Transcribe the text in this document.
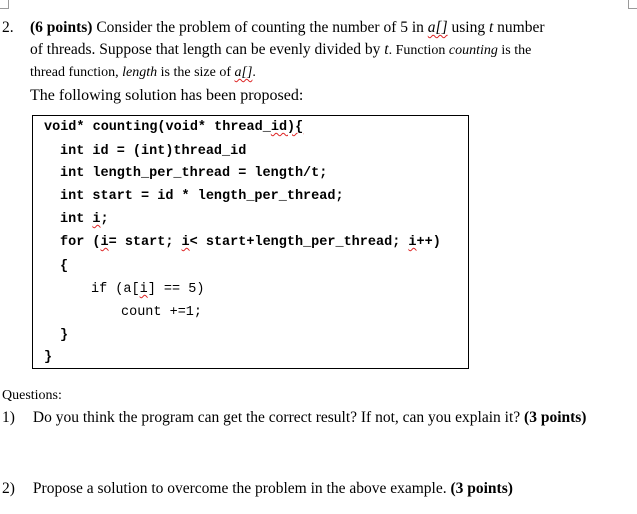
2. (6 points) Consider the problem of counting the number of 5 in a[] using t number
of threads. Suppose that length can be evenly divided by t. Function counting is the
thread function, length is the size of a[].
The following solution has been proposed:
void* counting(void* thread_id){
int id = (int)thread_id
int length_per_thread = length/t;
int start = id * length_per_thread;
int i;
for (i= start; i< start+length_per_thread; i++)
{
if (a[i] == 5)
count +=1;
}
}
Questions:
1) Do you think the program can get the correct result? If not, can you explain it? (3 points)
2) Propose a solution to overcome the problem in the above example. (3 points)
